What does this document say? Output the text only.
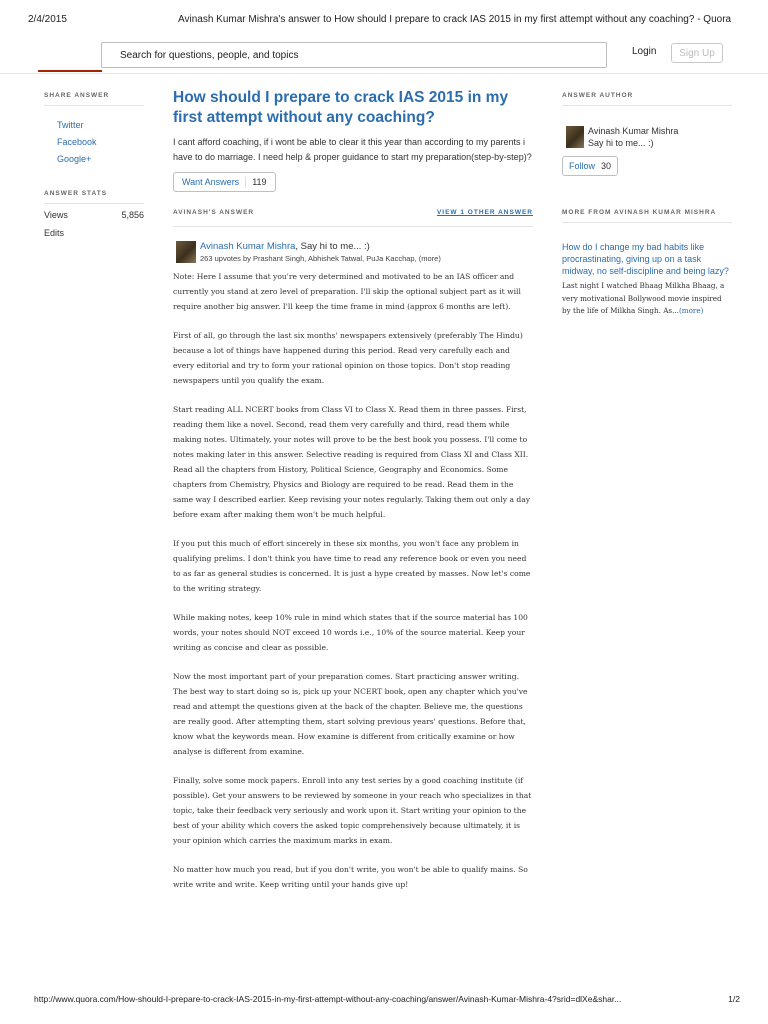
2/4/2015	Avinash Kumar Mishra's answer to How should I prepare to crack IAS 2015 in my first attempt without any coaching? - Quora
Search for questions, people, and topics
Login	Sign Up
SHARE ANSWER
Twitter
Facebook
Google+
ANSWER STATS
Views	5,856
Edits
How should I prepare to crack IAS 2015 in my first attempt without any coaching?

I cant afford coaching, if i wont be able to clear it this year than according to my parents i have to do marriage. I need help & proper guidance to start my preparation(step-by-step)?

Want Answers 119
AVINASH'S ANSWER	VIEW 1 OTHER ANSWER
Avinash Kumar Mishra, Say hi to me... :)
263 upvotes by Prashant Singh, Abhishek Tatwal, PuJa Kacchap, (more)

Note: Here I assume that you're very determined and motivated to be an IAS officer and currently you stand at zero level of preparation. I'll skip the optional subject part as it will require another big answer. I'll keep the time frame in mind (approx 6 months are left).

First of all, go through the last six months' newspapers extensively (preferably The Hindu) because a lot of things have happened during this period. Read very carefully each and every editorial and try to form your rational opinion on those topics. Don't stop reading newspapers until you qualify the exam.

Start reading ALL NCERT books from Class VI to Class X. Read them in three passes. First, reading them like a novel. Second, read them very carefully and third, read them while making notes. Ultimately, your notes will prove to be the best book you possess. I'll come to notes making later in this answer. Selective reading is required from Class XI and Class XII. Read all the chapters from History, Political Science, Geography and Economics. Some chapters from Chemistry, Physics and Biology are required to be read. Read them in the same way I described earlier. Keep revising your notes regularly. Taking them out only a day before exam after making them won't be much helpful.

If you put this much of effort sincerely in these six months, you won't face any problem in qualifying prelims. I don't think you have time to read any reference book or even you need to as far as general studies is concerned. It is just a hype created by masses. Now let's come to the writing strategy.

While making notes, keep 10% rule in mind which states that if the source material has 100 words, your notes should NOT exceed 10 words i.e., 10% of the source material. Keep your writing as concise and clear as possible.

Now the most important part of your preparation comes. Start practicing answer writing. The best way to start doing so is, pick up your NCERT book, open any chapter which you've read and attempt the questions given at the back of the chapter. Believe me, the questions are really good. After attempting them, start solving previous years' questions. Before that, know what the keywords mean. How examine is different from critically examine or how analyse is different from examine.

Finally, solve some mock papers. Enroll into any test series by a good coaching institute (if possible). Get your answers to be reviewed by someone in your reach who specializes in that topic, take their feedback very seriously and work upon it. Start writing your opinion to the best of your ability which covers the asked topic comprehensively because ultimately, it is your opinion which carries the maximum marks in exam.

No matter how much you read, but if you don't write, you won't be able to qualify mains. So write write and write. Keep writing until your hands give up!

ANSWER AUTHOR
Avinash Kumar Mishra
Say hi to me... :)
Follow 30
MORE FROM AVINASH KUMAR MISHRA
How do I change my bad habits like procrastinating, giving up on a task midway, no self-discipline and being lazy?
Last night I watched Bhaag Milkha Bhaag, a very motivational Bollywood movie inspired by the life of Milkha Singh. As...(more)
http://www.quora.com/How-should-I-prepare-to-crack-IAS-2015-in-my-first-attempt-without-any-coaching/answer/Avinash-Kumar-Mishra-4?srid=dlXe&shar...	1/2
